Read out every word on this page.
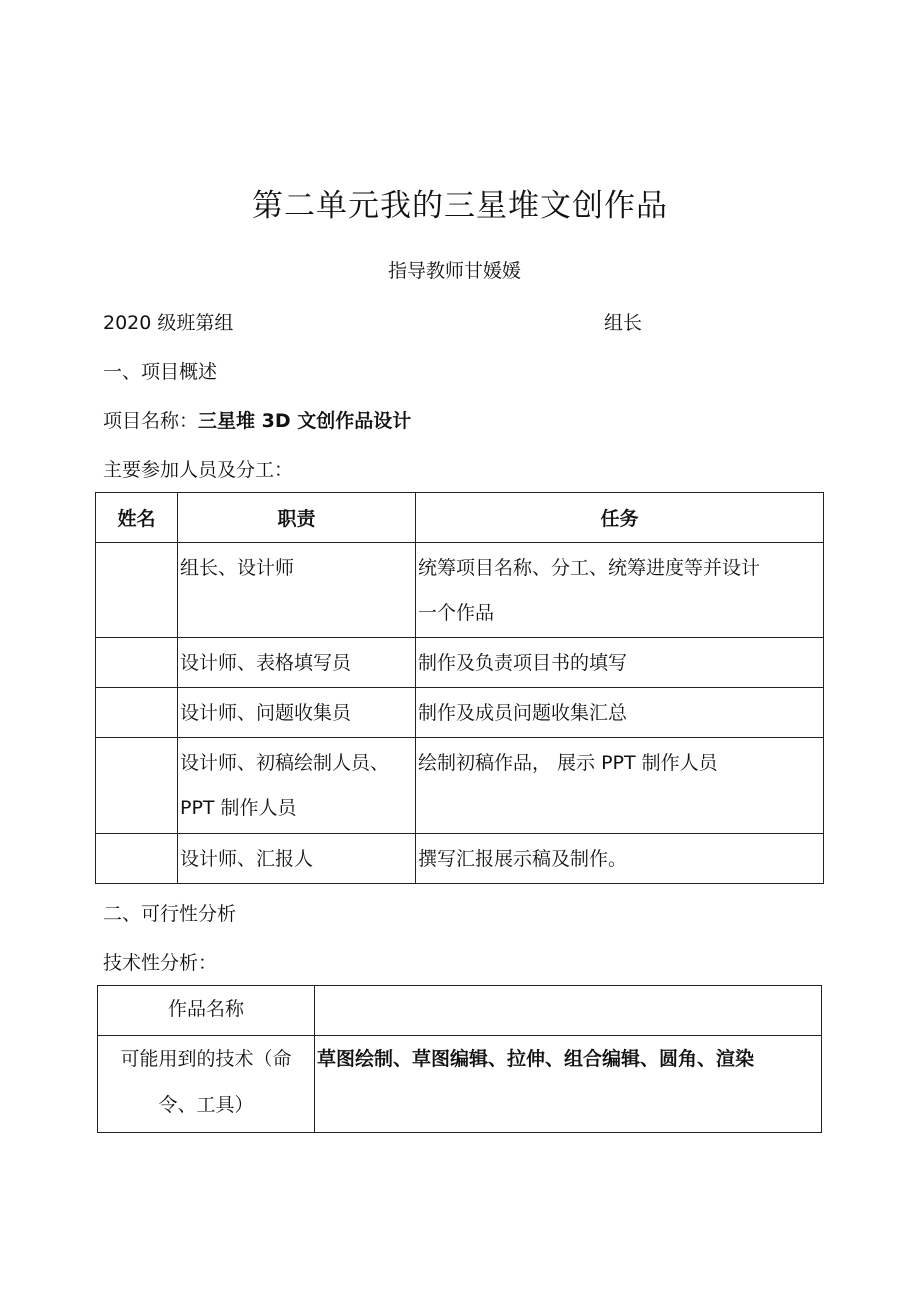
第二单元我的三星堆文创作品
指导教师甘媛媛
2020 级班第组	组长
一、项目概述
项目名称：三星堆 3D 文创作品设计
主要参加人员及分工：
姓名	职责	任务

	组长、设计师	统筹项目名称、分工、统筹进度等并设计
一个作品

	设计师、表格填写员	制作及负责项目书的填写

	设计师、问题收集员	制作及成员问题收集汇总

	设计师、初稿绘制人员、
PPT 制作人员	绘制初稿作品， 展示 PPT 制作人员

	设计师、汇报人	撰写汇报展示稿及制作。
二、可行性分析
技术性分析：
作品名称	

可能用到的技术（命
令、工具）	草图绘制、草图编辑、拉伸、组合编辑、圆角、渲染
